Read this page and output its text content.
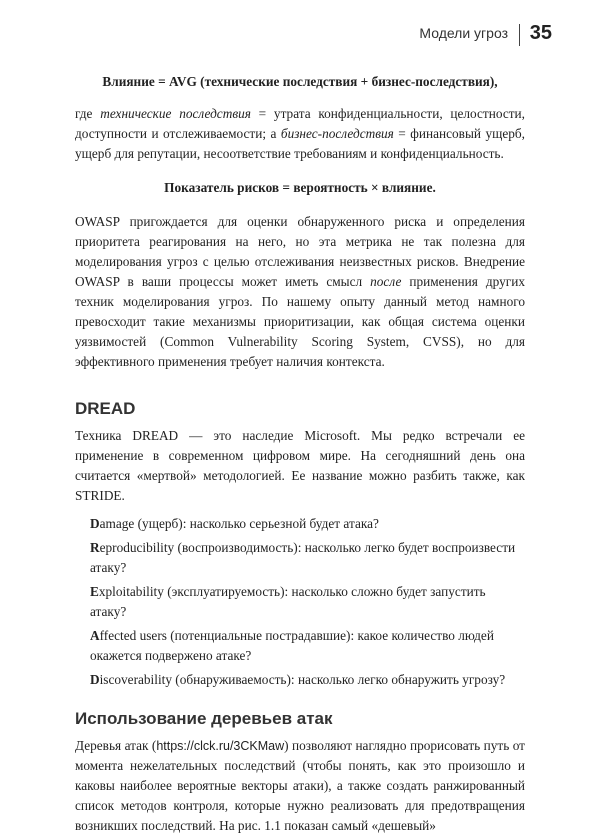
Модели угроз 35

Влияние = AVG (технические последствия + бизнес-последствия),

где технические последствия = утрата конфиденциальности, целостности, доступности и отслеживаемости; а бизнес-последствия = финансовый ущерб, ущерб для репутации, несоответствие требованиям и конфиденциальность.

Показатель рисков = вероятность × влияние.

OWASP пригождается для оценки обнаруженного риска и определения приоритета реагирования на него, но эта метрика не так полезна для моделирования угроз с целью отслеживания неизвестных рисков. Внедрение OWASP в ваши процессы может иметь смысл после применения других техник моделирования угроз. По нашему опыту данный метод намного превосходит такие механизмы приоритизации, как общая система оценки уязвимостей (Common Vulnerability Scoring System, CVSS), но для эффективного применения требует наличия контекста.

DREAD

Техника DREAD — это наследие Microsoft. Мы редко встречали ее применение в современном цифровом мире. На сегодняшний день она считается «мертвой» методологией. Ее название можно разбить также, как STRIDE.

Damage (ущерб): насколько серьезной будет атака?
Reproducibility (воспроизводимость): насколько легко будет воспроизвести атаку?
Exploitability (эксплуатируемость): насколько сложно будет запустить атаку?
Affected users (потенциальные пострадавшие): какое количество людей окажется подвержено атаке?
Discoverability (обнаруживаемость): насколько легко обнаружить угрозу?
Использование деревьев атак

Деревья атак (https://clck.ru/3CKMaw) позволяют наглядно прорисовать путь от момента нежелательных последствий (чтобы понять, как это произошло и каковы наиболее вероятные векторы атаки), а также создать ранжированный список методов контроля, которые нужно реализовать для предотвращения возникших последствий. На рис. 1.1 показан самый «дешевый»
